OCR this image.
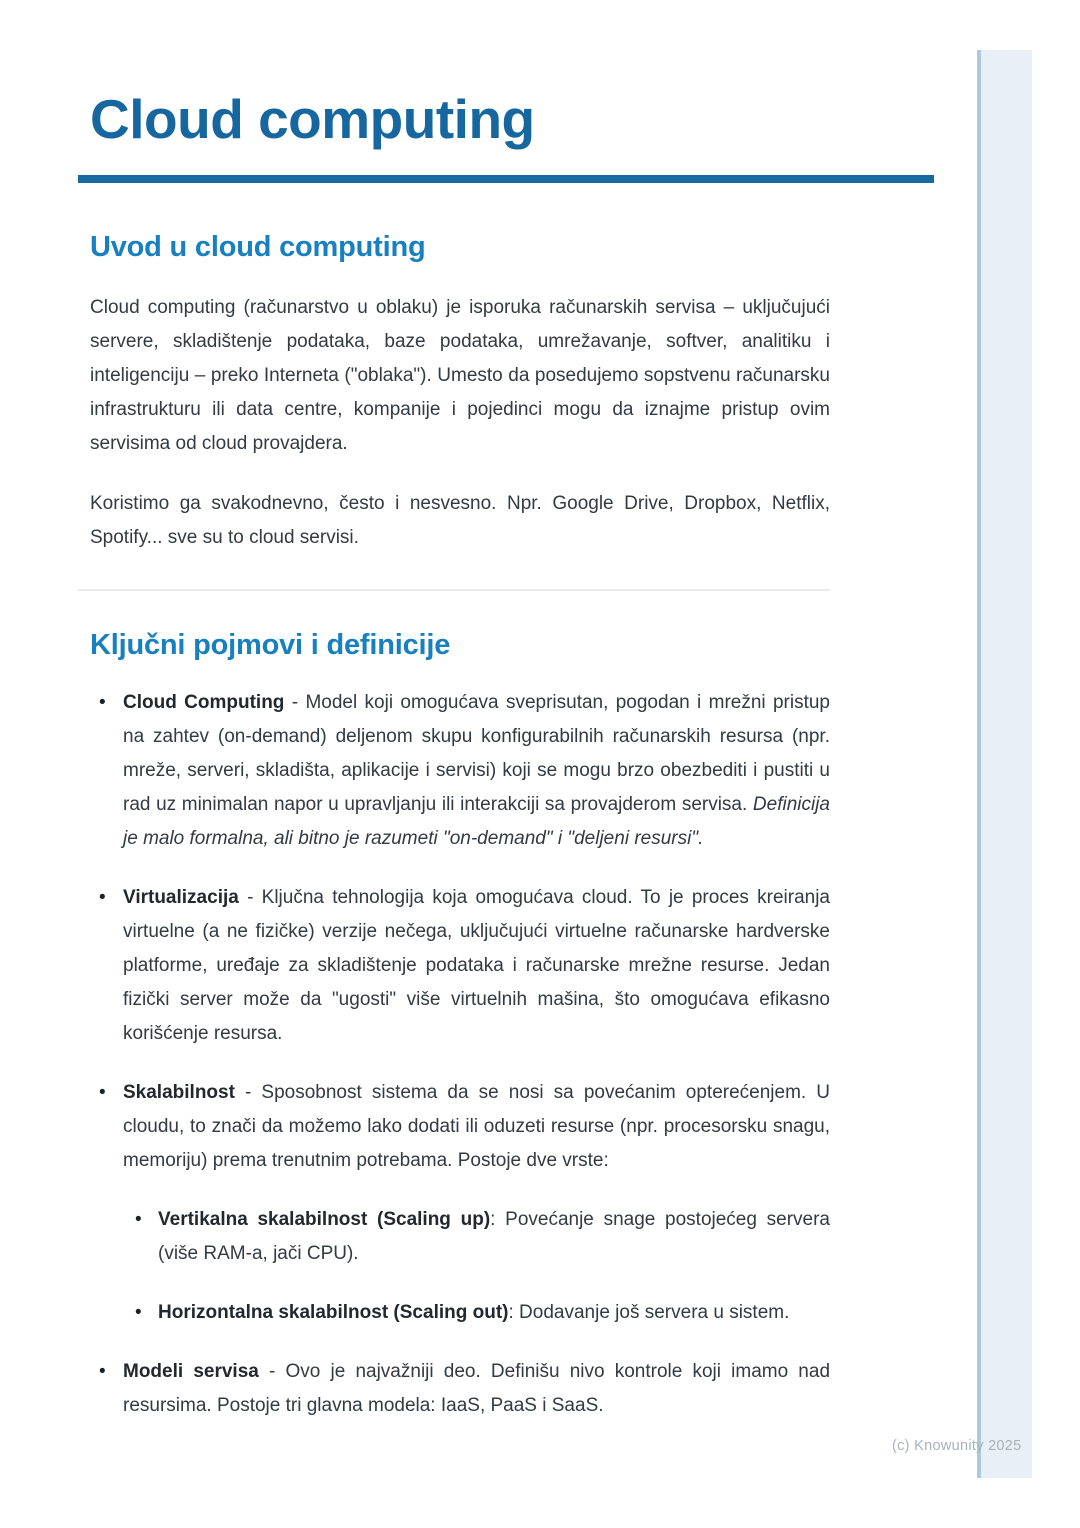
(c) Knowunity 2025
Cloud computing
Uvod u cloud computing

Cloud computing (računarstvo u oblaku) je isporuka računarskih servisa – uključujući servere, skladištenje podataka, baze podataka, umrežavanje, softver, analitiku i inteligenciju – preko Interneta ("oblaka"). Umesto da posedujemo sopstvenu računarsku infrastrukturu ili data centre, kompanije i pojedinci mogu da iznajme pristup ovim servisima od cloud provajdera.

Koristimo ga svakodnevno, često i nesvesno. Npr. Google Drive, Dropbox, Netflix, Spotify... sve su to cloud servisi.

Ključni pojmovi i definicije
• Cloud Computing - Model koji omogućava sveprisutan, pogodan i mrežni pristup na zahtev (on-demand) deljenom skupu konfigurabilnih računarskih resursa (npr. mreže, serveri, skladišta, aplikacije i servisi) koji se mogu brzo obezbediti i pustiti u rad uz minimalan napor u upravljanju ili interakciji sa provajderom servisa. Definicija je malo formalna, ali bitno je razumeti "on-demand" i "deljeni resursi".
• Virtualizacija - Ključna tehnologija koja omogućava cloud. To je proces kreiranja virtuelne (a ne fizičke) verzije nečega, uključujući virtuelne računarske hardverske platforme, uređaje za skladištenje podataka i računarske mrežne resurse. Jedan fizički server može da "ugosti" više virtuelnih mašina, što omogućava efikasno korišćenje resursa.
• Skalabilnost - Sposobnost sistema da se nosi sa povećanim opterećenjem. U cloudu, to znači da možemo lako dodati ili oduzeti resurse (npr. procesorsku snagu, memoriju) prema trenutnim potrebama. Postoje dve vrste:
• Vertikalna skalabilnost (Scaling up): Povećanje snage postojećeg servera (više RAM-a, jači CPU).
• Horizontalna skalabilnost (Scaling out): Dodavanje još servera u sistem.
• Modeli servisa - Ovo je najvažniji deo. Definišu nivo kontrole koji imamo nad resursima. Postoje tri glavna modela: IaaS, PaaS i SaaS.
